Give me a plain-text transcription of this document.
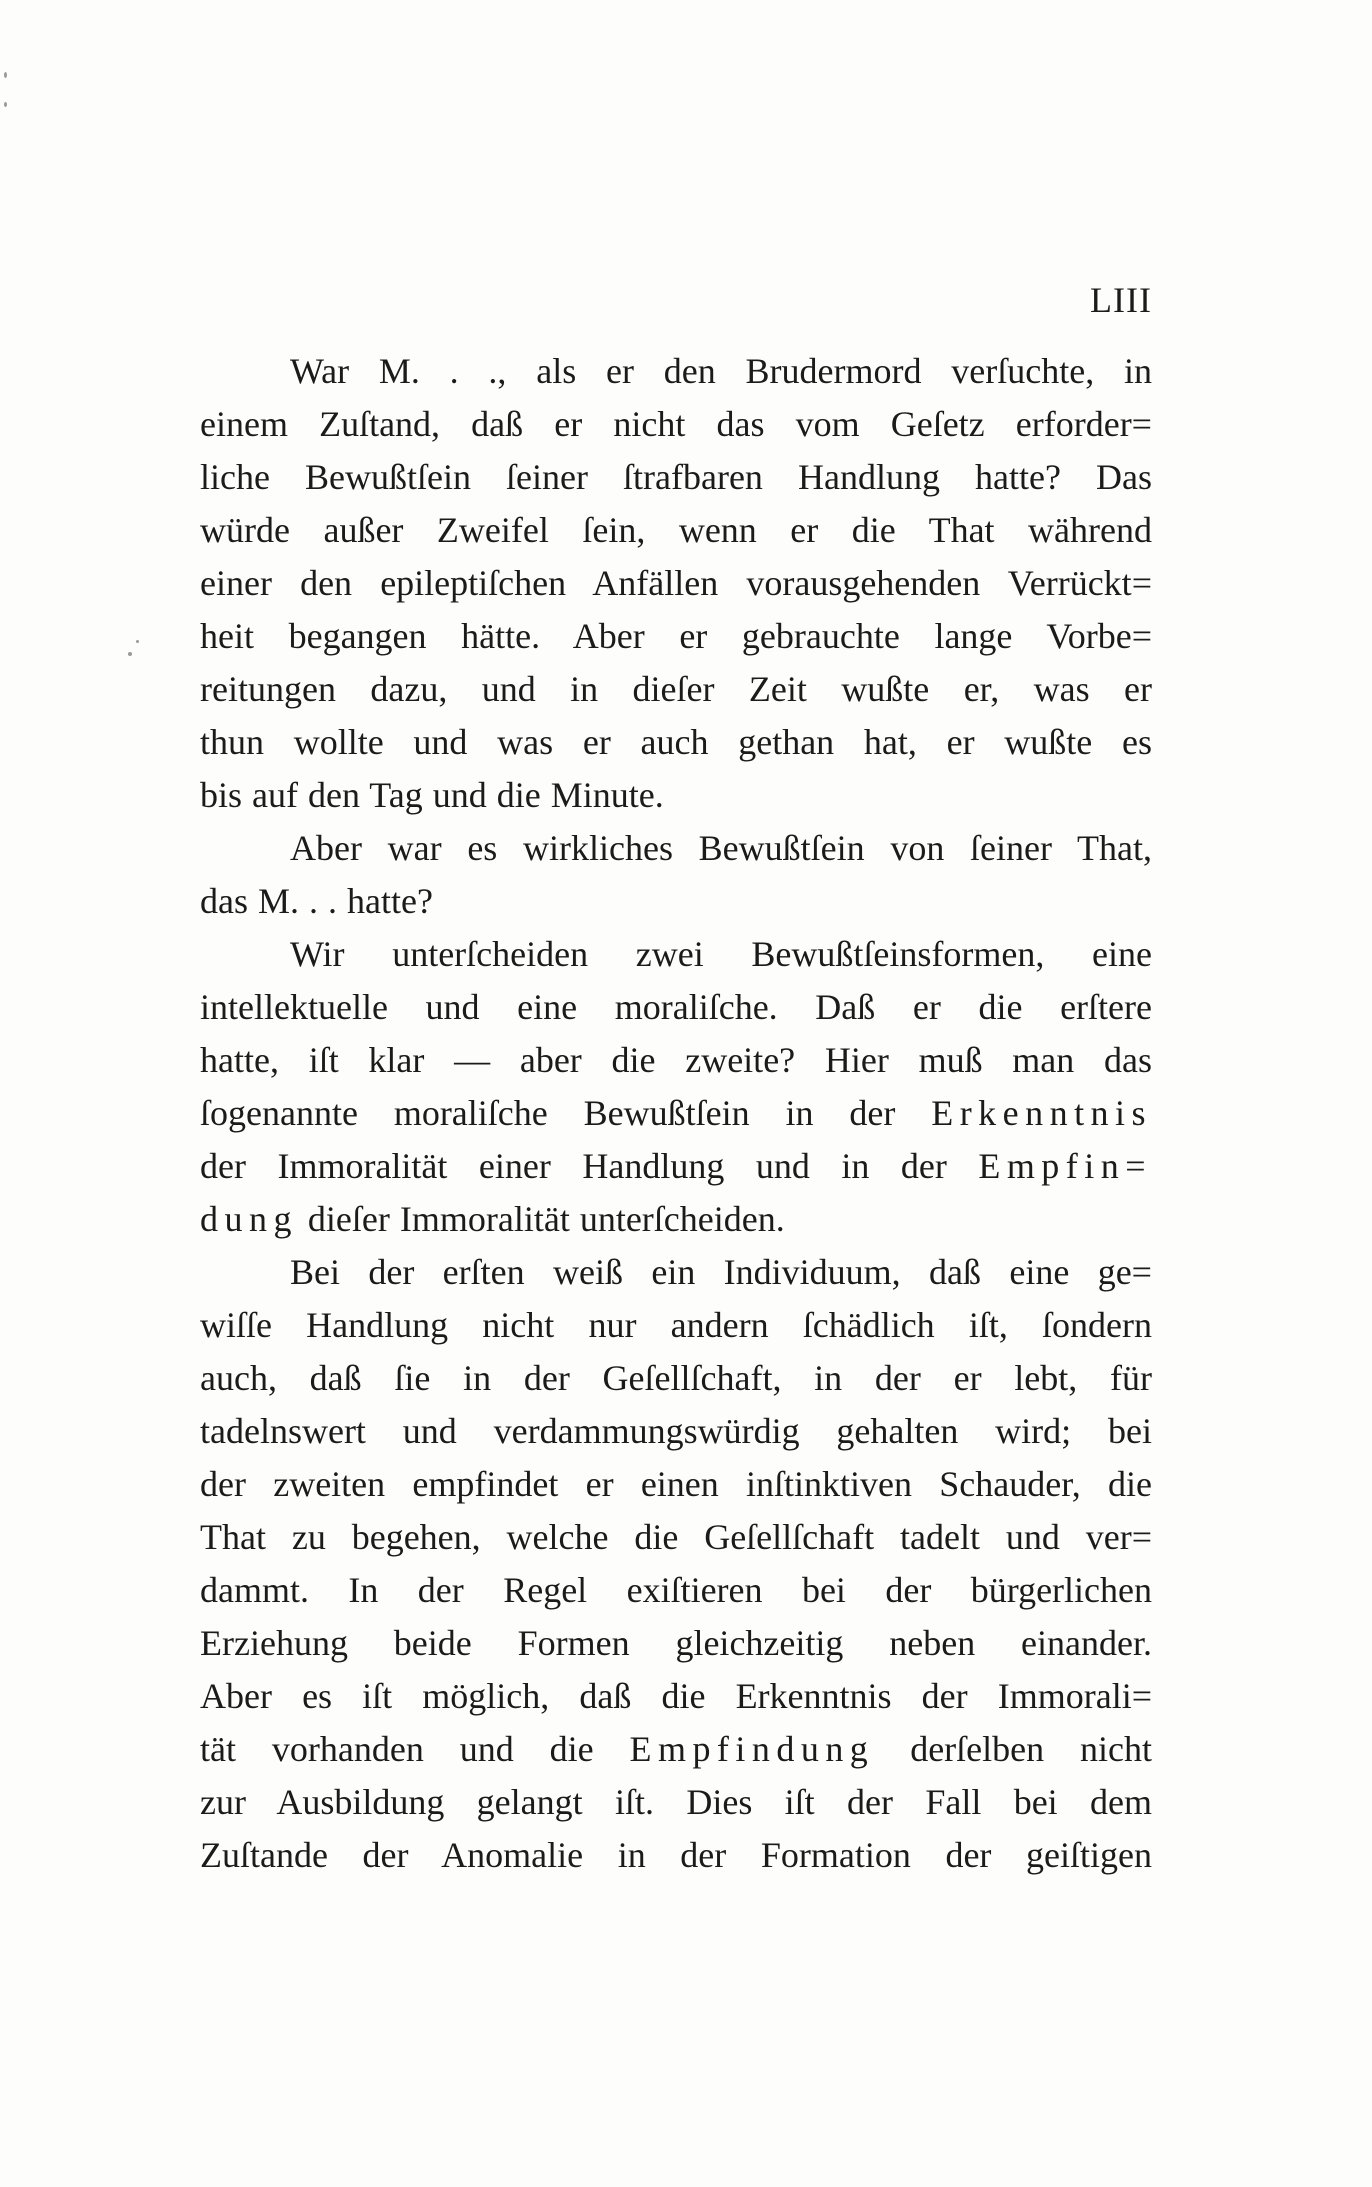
LIII
War M. . ., als er den Brudermord verſuchte, in
einem Zuſtand, daß er nicht das vom Geſetz erforder=
liche Bewußtſein ſeiner ſtrafbaren Handlung hatte? Das
würde außer Zweifel ſein, wenn er die That während
einer den epileptiſchen Anfällen vorausgehenden Verrückt=
heit begangen hätte. Aber er gebrauchte lange Vorbe=
reitungen dazu, und in dieſer Zeit wußte er, was er
thun wollte und was er auch gethan hat, er wußte es
bis auf den Tag und die Minute.
Aber war es wirkliches Bewußtſein von ſeiner That,
das M. . . hatte?
Wir unterſcheiden zwei Bewußtſeinsformen, eine
intellektuelle und eine moraliſche. Daß er die erſtere
hatte, iſt klar — aber die zweite? Hier muß man das
ſogenannte moraliſche Bewußtſein in der Erkenntnis
der Immoralität einer Handlung und in der Empfin=
dung dieſer Immoralität unterſcheiden.
Bei der erſten weiß ein Individuum, daß eine ge=
wiſſe Handlung nicht nur andern ſchädlich iſt, ſondern
auch, daß ſie in der Geſellſchaft, in der er lebt, für
tadelnswert und verdammungswürdig gehalten wird; bei
der zweiten empfindet er einen inſtinktiven Schauder, die
That zu begehen, welche die Geſellſchaft tadelt und ver=
dammt. In der Regel exiſtieren bei der bürgerlichen
Erziehung beide Formen gleichzeitig neben einander.
Aber es iſt möglich, daß die Erkenntnis der Immorali=
tät vorhanden und die Empfindung derſelben nicht
zur Ausbildung gelangt iſt. Dies iſt der Fall bei dem
Zuſtande der Anomalie in der Formation der geiſtigen
